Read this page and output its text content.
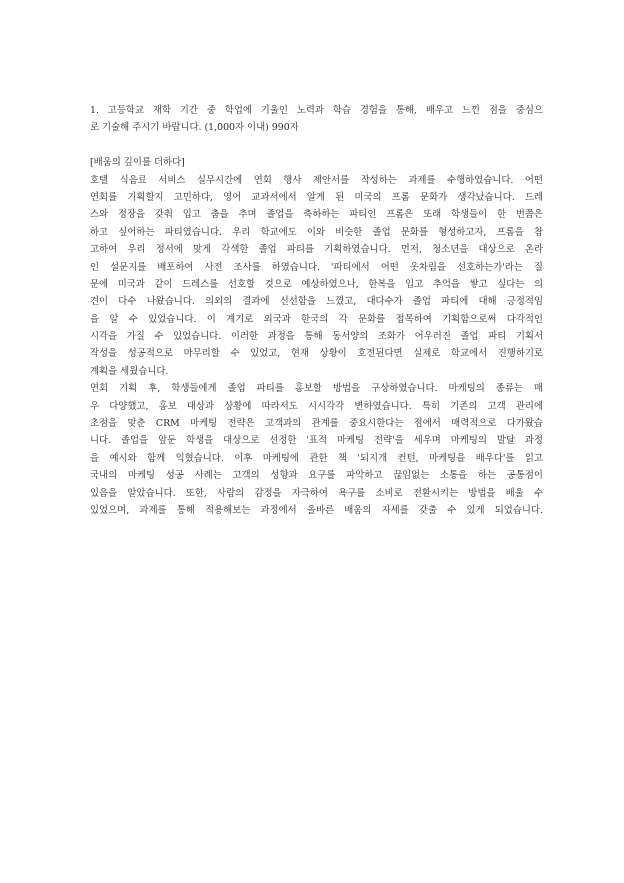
1. 고등학교 재학 기간 중 학업에 기울인 노력과 학습 경험을 통해, 배우고 느낀 점을 중심으
로 기술해 주시기 바랍니다. (1,000자 이내) 990자
[배움의 깊이를 더하다]
호텔 식음료 서비스 실무시간에 연회 행사 제안서를 작성하는 과제를 수행하였습니다. 어떤
연회를 기획할지 고민하다, 영어 교과서에서 알게 된 미국의 프롬 문화가 생각났습니다. 드레
스와 정장을 갖춰 입고 춤을 추며 졸업을 축하하는 파티인 프롬은 또래 학생들이 한 번쯤은
하고 싶어하는 파티였습니다. 우리 학교에도 이와 비슷한 졸업 문화를 형성하고자, 프롬을 참
고하여 우리 정서에 맞게 각색한 졸업 파티를 기획하였습니다. 먼저, 청소년을 대상으로 온라
인 설문지를 배포하여 사전 조사를 하였습니다. '파티에서 어떤 옷차림을 선호하는가'라는 질
문에 미국과 같이 드레스를 선호할 것으로 예상하였으나, 한복을 입고 추억을 쌓고 싶다는 의
견이 다수 나왔습니다. 의외의 결과에 신선함을 느꼈고, 대다수가 졸업 파티에 대해 긍정적임
을 알 수 있었습니다. 이 계기로 외국과 한국의 각 문화를 접목하여 기획함으로써 다각적인
시각을 가질 수 있었습니다. 이러한 과정을 통해 동서양의 조화가 어우러진 졸업 파티 기획서
작성을 성공적으로 마무리할 수 있었고, 현재 상황이 호전된다면 실제로 학교에서 진행하기로
계획을 세웠습니다.
연회 기획 후, 학생들에게 졸업 파티를 홍보할 방법을 구상하였습니다. 마케팅의 종류는 매
우 다양했고, 홍보 대상과 상황에 따라서도 시시각각 변하였습니다. 특히 기존의 고객 관리에
초점을 맞춘 CRM 마케팅 전략은 고객과의 관계를 중요시한다는 점에서 매력적으로 다가왔습
니다. 졸업을 앞둔 학생을 대상으로 선정한 '표적 마케팅 전략'을 세우며 마케팅의 발달 과정
을 예시와 함께 익혔습니다. 이후 마케팅에 관한 책 '되지개 컨턴, 마케팅을 배우다'를 읽고
국내의 마케팅 성공 사례는 고객의 성향과 요구를 파악하고 끊임없는 소통을 하는 공통점이
있음을 알았습니다. 또한, 사람의 감정을 자극하여 욕구를 소비로 전환시키는 방법을 배울 수
있었으며, 과제를 통해 적용해보는 과정에서 올바른 배움의 자세를 갖출 수 있게 되었습니다.
